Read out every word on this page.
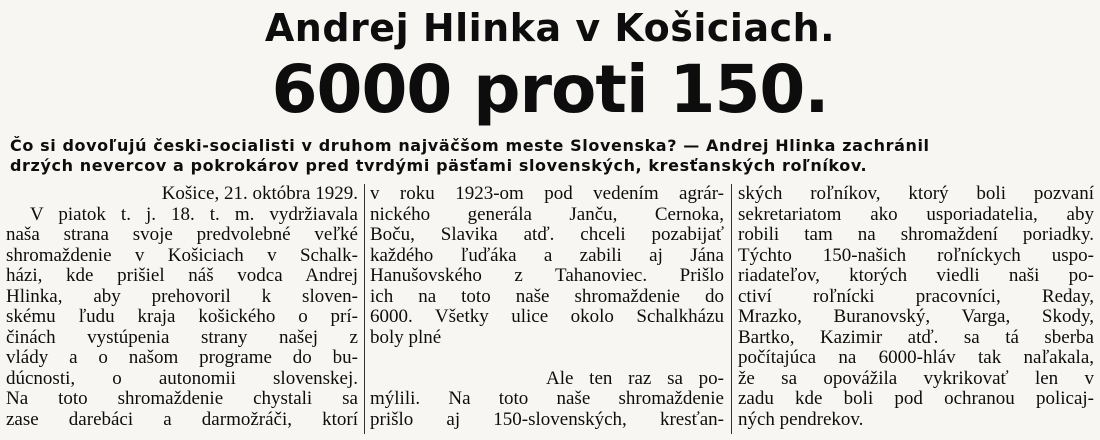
Andrej Hlinka v Košiciach.
6000 proti 150.
Čo si dovoľujú česki-socialisti v druhom najväčšom meste Slovenska? — Andrej Hlinka zachránil
drzých nevercov a pokrokárov pred tvrdými päsťami slovenských, kresťanských roľníkov.
Košice, 21. októbra 1929.
V piatok t. j. 18. t. m. vydržiavala
naša strana svoje predvolebné veľké
shromaždenie v Košiciach v Schalk-
házi, kde prišiel náš vodca Andrej
Hlinka, aby prehovoril k sloven-
skému ľudu kraja košického o prí-
činách vystúpenia strany našej z
vlády a o našom programe do bu-
dúcnosti, o autonomii slovenskej.
Na toto shromaždenie chystali sa
zase darebáci a darmožráči, ktorí
v roku 1923-om pod vedením agrár-
nického generála Janču, Cernoka,
Boču, Slavika atď. chceli pozabijať
každého ľuďáka a zabili aj Jána
Hanušovského z Tahanoviec. Prišlo
ich na toto naše shromaždenie do
6000. Všetky ulice okolo Schalkházu
boly plné
Ale ten raz sa po-
mýlili. Na toto naše shromaždenie
prišlo aj 150-slovenských, kresťan-
ských roľníkov, ktorý boli pozvaní
sekretariatom ako usporiadatelia, aby
robili tam na shromaždení poriadky.
Týchto 150-našich roľníckych uspo-
riadateľov, ktorých viedli naši po-
ctiví roľnícki pracovníci, Reday,
Mrazko, Buranovský, Varga, Skody,
Bartko, Kazimir atď. sa tá sberba
počítajúca na 6000-hláv tak naľakala,
že sa opovážila vykrikovať len v
zadu kde boli pod ochranou policaj-
ných pendrekov.
